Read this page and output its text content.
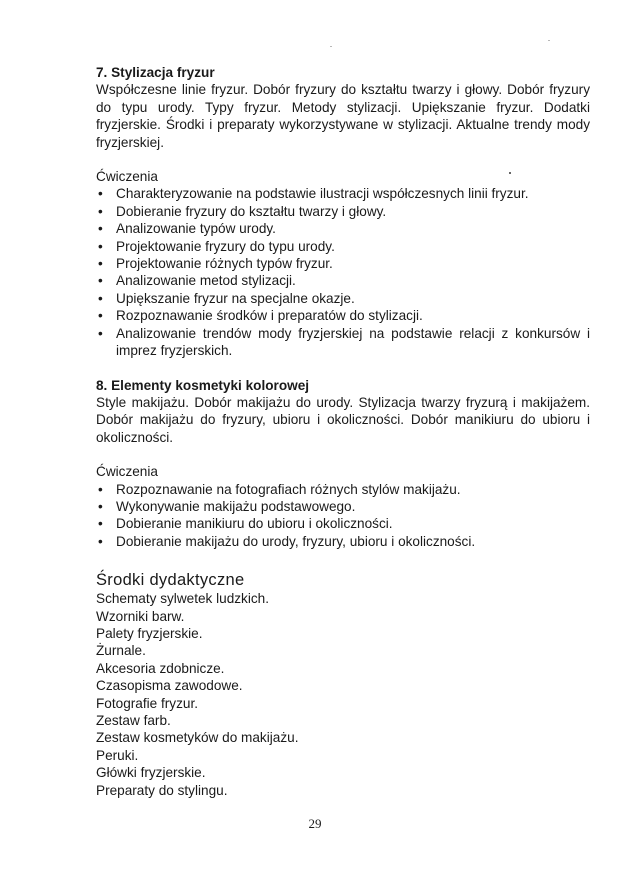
7. Stylizacja fryzur

Współczesne linie fryzur. Dobór fryzury do kształtu twarzy i głowy. Dobór fryzury do typu urody. Typy fryzur. Metody stylizacji. Upiększanie fryzur. Dodatki fryzjerskie. Środki i preparaty wykorzystywane w stylizacji. Aktualne trendy mody fryzjerskiej.

Ćwiczenia

• Charakteryzowanie na podstawie ilustracji współczesnych linii fryzur.
• Dobieranie fryzury do kształtu twarzy i głowy.
• Analizowanie typów urody.
• Projektowanie fryzury do typu urody.
• Projektowanie różnych typów fryzur.
• Analizowanie metod stylizacji.
• Upiększanie fryzur na specjalne okazje.
• Rozpoznawanie środków i preparatów do stylizacji.
• Analizowanie trendów mody fryzjerskiej na podstawie relacji z konkursów i imprez fryzjerskich.

8. Elementy kosmetyki kolorowej

Style makijażu. Dobór makijażu do urody. Stylizacja twarzy fryzurą i makijażem. Dobór makijażu do fryzury, ubioru i okoliczności. Dobór manikiuru do ubioru i okoliczności.

Ćwiczenia

• Rozpoznawanie na fotografiach różnych stylów makijażu.
• Wykonywanie makijażu podstawowego.
• Dobieranie manikiuru do ubioru i okoliczności.
• Dobieranie makijażu do urody, fryzury, ubioru i okoliczności.

Środki dydaktyczne

Schematy sylwetek ludzkich.
Wzorniki barw.
Palety fryzjerskie.
Żurnale.
Akcesoria zdobnicze.
Czasopisma zawodowe.
Fotografie fryzur.
Zestaw farb.
Zestaw kosmetyków do makijażu.
Peruki.
Główki fryzjerskie.
Preparaty do stylingu.
29
